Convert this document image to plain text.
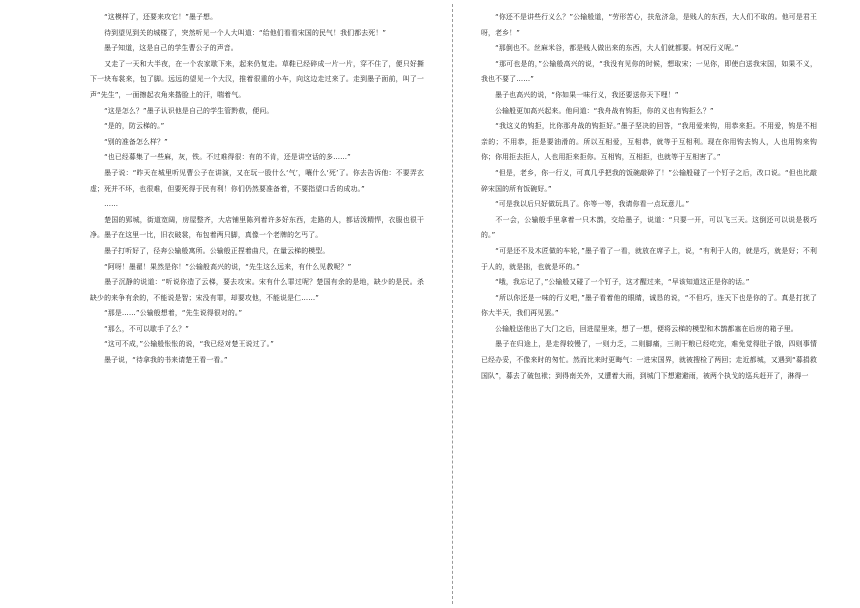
　　“这模样了，还要来攻它！”墨子想。

　　待到望见到关的城楼了，突然听见一个人大叫道：“给他们看看宋国的民气！我们都去死！”

　　墨子知道，这是自己的学生曹公子的声音。

　　又走了一天和大半夜，在一个农家歇下来，起来仍复走。草鞋已经碎成一片一片，穿不住了，便只好撕下一块布裳来，包了脚。远远的望见一个大汉，推着很重的小车，向这边走过来了。走到墨子面前，叫了一声“先生”，一面擦起衣角来揩脸上的汗，喘着气。

　　“这是怎么？”墨子认识他是自己的学生管黔敖，便问。

　　“是的，防云梯的。”

　　“别的准备怎么样？”

　　“也已经募集了一些麻，灰，铁。不过难得很：有的不肯，还是讲空话的多……”

　　墨子说：“昨天在城里听见曹公子在讲演，又在玩一股什么‘气’，嚷什么‘死’了。你去告诉他：不要弄玄虚；死并不坏，也很难，但要死得于民有利！你们仍然要准备着，不要指望口舌的成功。”

　　……

　　楚国的郢城，街道宽阔，房屋整齐，大店铺里陈列着许多好东西，走路的人，都话泼精悍，衣服也很干净。墨子在这里一比，旧衣破裳，布包着两只脚，真像一个老牌的乞丐了。

　　墨子打听好了，径奔公输般寓所。公输般正捏着曲尺，在量云梯的模型。

　　“阿呀！墨翟！果然是你！”公输般高兴的说，“先生这么远来，有什么见教呢？”

　　墨子沉静的说道：“听说你造了云梯，要去攻宋。宋有什么罪过呢？楚国有余的是地，缺少的是民。杀缺少的来争有余的，不能说是智；宋没有罪，却要攻他，不能说是仁……”

　　“那是……”公输般想着，“先生说得很对的。”

　　“那么，不可以歇手了么？”

　　“这可不成，”公输般怅怅的说，“我已经对楚王说过了。”

　　墨子说，“待拿我的书来请楚王看一看。”

　　“你还不是讲些行义么？”公输般道，“劳形苦心，扶危济急，是贱人的东西，大人们不取的。他可是君王呀，老乡！”

　　“那倒也不。丝麻米谷，都是贱人做出来的东西，大人们就都要。何况行义呢。”

　　“那可也是的，”公输般高兴的说，“我没有见你的时候，想取宋；一见你，即使白送我宋国，如果不义，我也不要了……”

　　墨子也高兴的说，“你如果一味行义，我还要送你天下哩！”

　　公输般更加高兴起来。他问道：“我舟战有钩拒，你的义也有钩拒么？”

　　“我这义的钩拒，比你那舟战的钩拒好。”墨子坚决的回答，“我用爱来钩，用恭来拒。不用爱，钩是不相亲的；不用恭，拒是要油滑的。所以互相爱，互相恭，就等于互相利。现在你用钩去钩人，人也用钩来钩你；你用拒去拒人，人也用拒来拒你。互相钩，互相拒，也就等于互相害了。”

　　“但是，老乡，你一行义，可真几乎把我的饭碗敲碎了！”公输般碰了一个钉子之后，改口说。“但也比敲碎宋国的所有饭碗好。”

　　“可是我以后只好做玩具了。你等一等，我请你看一点玩意儿。”

　　不一会，公输般手里拿着一只木鹊，交给墨子，说道：“只要一开，可以飞三天。这倒还可以说是极巧的。”

　　“可是还不及木匠做的车轮，”墨子看了一看，就放在席子上，说，“有利于人的，就是巧，就是好；不利于人的，就是拙，也就是坏的。”

　　“哦，我忘记了，”公输般又碰了一个钉子，这才醒过来，“早该知道这正是你的话。”

　　“所以你还是一味的行义吧，”墨子看着他的眼睛，诚恳的说，“不但巧，连天下也是你的了。真是打扰了你大半天，我们再见罢。”

　　公输般送他出了大门之后，回进屋里来，想了一想，便将云梯的模型和木鹊都塞在后房的箱子里。

　　墨子在归途上，是走得较慢了，一则力乏，二则脚痛，三则干粮已经吃完，难免觉得肚子饿，四则事情已经办妥，不像来时的匆忙。然而比来时更晦气：一进宋国界，就被搜检了两回；走近都城，又遇到“募捐救国队”，募去了破包袱；到得南关外，又遭着大雨，到城门下想避避雨，被两个执戈的巡兵赶开了，淋得一
